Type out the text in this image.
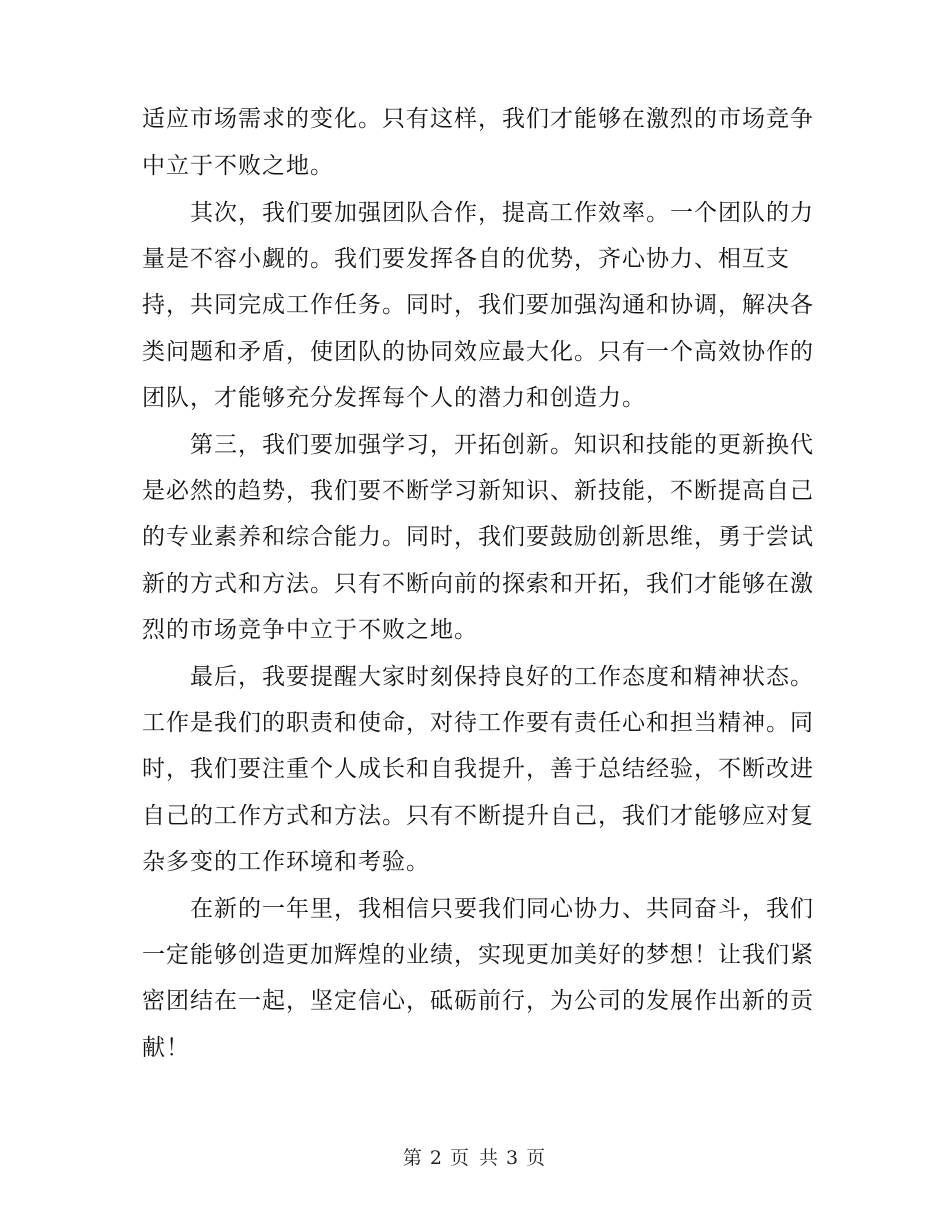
适应市场需求的变化。只有这样，我们才能够在激烈的市场竞争
中立于不败之地。
　　其次，我们要加强团队合作，提高工作效率。一个团队的力
量是不容小觑的。我们要发挥各自的优势，齐心协力、相互支
持，共同完成工作任务。同时，我们要加强沟通和协调，解决各
类问题和矛盾，使团队的协同效应最大化。只有一个高效协作的
团队，才能够充分发挥每个人的潜力和创造力。
　　第三，我们要加强学习，开拓创新。知识和技能的更新换代
是必然的趋势，我们要不断学习新知识、新技能，不断提高自己
的专业素养和综合能力。同时，我们要鼓励创新思维，勇于尝试
新的方式和方法。只有不断向前的探索和开拓，我们才能够在激
烈的市场竞争中立于不败之地。
　　最后，我要提醒大家时刻保持良好的工作态度和精神状态。
工作是我们的职责和使命，对待工作要有责任心和担当精神。同
时，我们要注重个人成长和自我提升，善于总结经验，不断改进
自己的工作方式和方法。只有不断提升自己，我们才能够应对复
杂多变的工作环境和考验。
　　在新的一年里，我相信只要我们同心协力、共同奋斗，我们
一定能够创造更加辉煌的业绩，实现更加美好的梦想！让我们紧
密团结在一起，坚定信心，砥砺前行，为公司的发展作出新的贡
献！
第 2 页 共 3 页
